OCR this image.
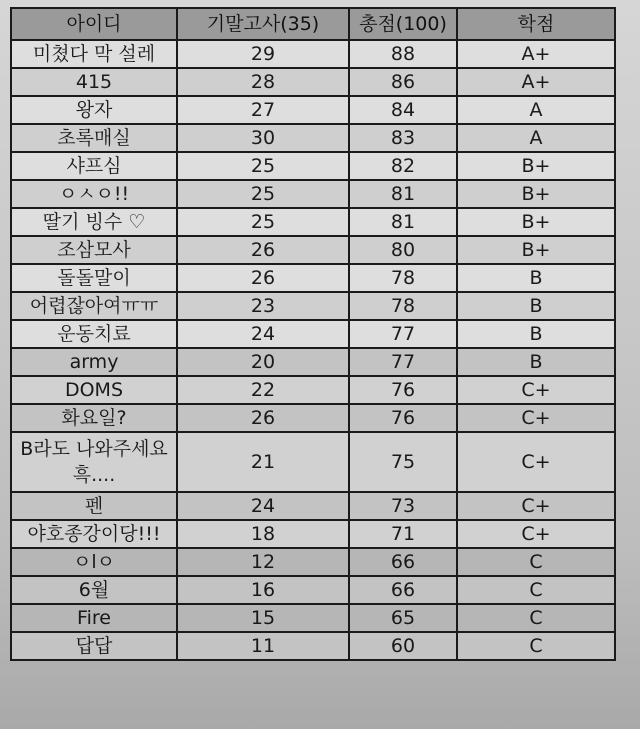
아이디	기말고사(35)	총점(100)	학점
미쳤다 막 설레	29	88	A+
415	28	86	A+
왕자	27	84	A
초록매실	30	83	A
샤프심	25	82	B+
ㅇㅅㅇ!!	25	81	B+
딸기 빙수 ♡	25	81	B+
조삼모사	26	80	B+
돌돌말이	26	78	B
어렵잖아여ㅠㅠ	23	78	B
운동치료	24	77	B
army	20	77	B
DOMS	22	76	C+
화요일?	26	76	C+
B라도 나와주세요 흑....	21	75	C+
펜	24	73	C+
야호종강이당!!!	18	71	C+
ㅇlㅇ	12	66	C
6월	16	66	C
Fire	15	65	C
답답	11	60	C
